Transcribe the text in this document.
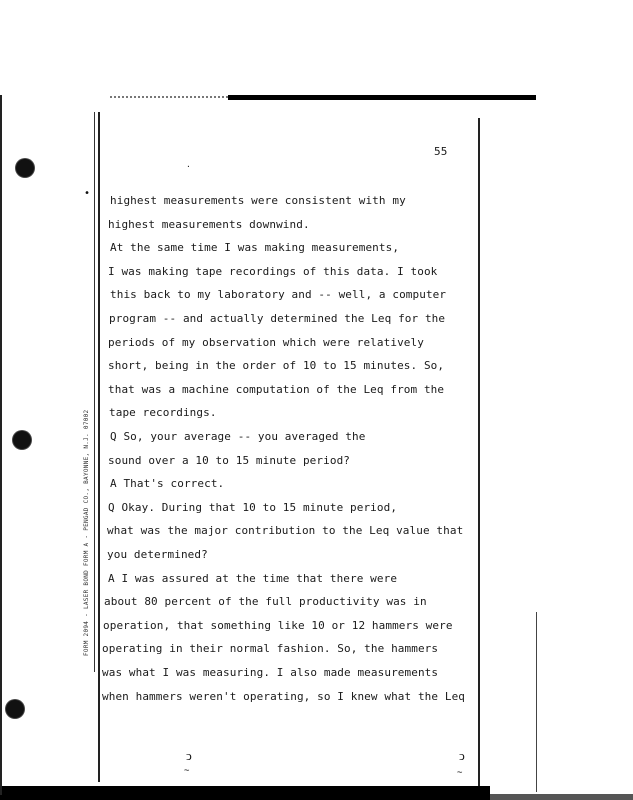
FORM 2094 - LASER BOND FORM A - PENGAD CO., BAYONNE, N.J. 07002
55
highest measurements were consistent with my
highest measurements downwind.
At the same time I was making measurements,
I was making tape recordings of this data. I took
this back to my laboratory and -- well, a computer
program -- and actually determined the Leq for the
periods of my observation which were relatively
short, being in the order of 10 to 15 minutes. So,
that was a machine computation of the Leq from the
tape recordings.
Q So, your average -- you averaged the
sound over a 10 to 15 minute period?
A That's correct.
Q Okay. During that 10 to 15 minute period,
what was the major contribution to the Leq value that
you determined?
A I was assured at the time that there were
about 80 percent of the full productivity was in
operation, that something like 10 or 12 hammers were
operating in their normal fashion. So, the hammers
was what I was measuring. I also made measurements
when hammers weren't operating, so I knew what the Leq
.
ↄ
~
ↄ
~
•
